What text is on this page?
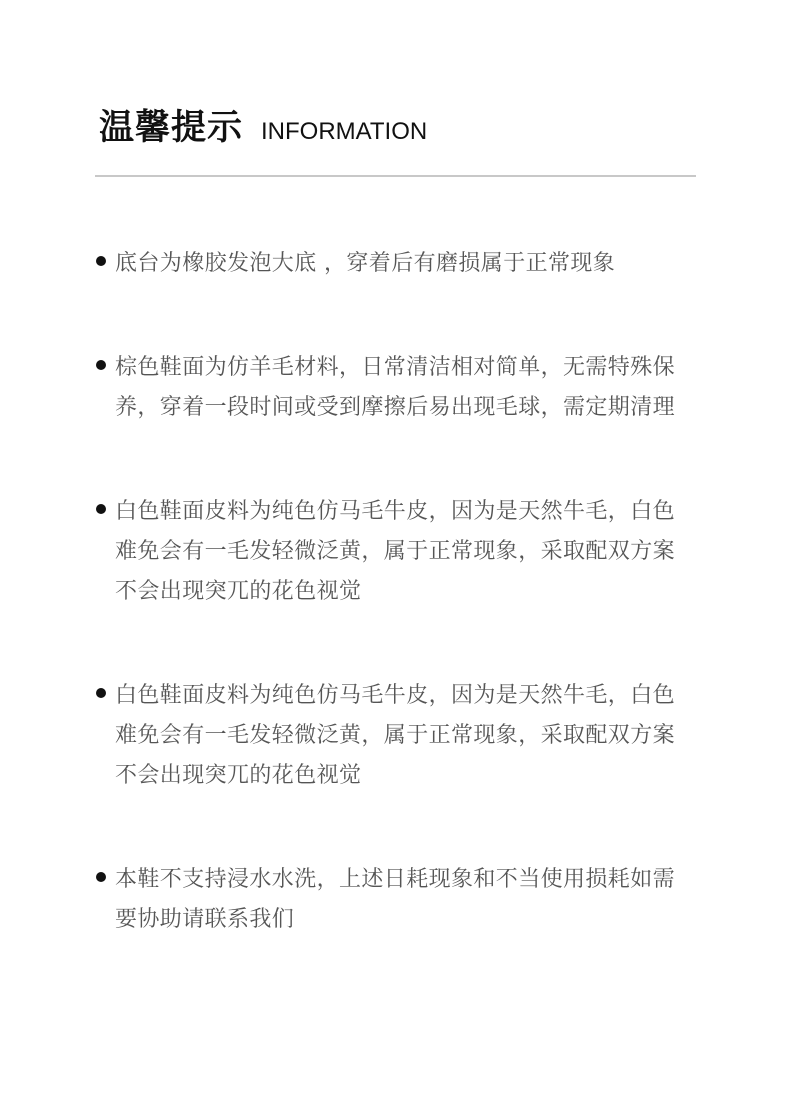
温馨提示 INFORMATION
底台为橡胶发泡大底 ，穿着后有磨损属于正常现象
棕色鞋面为仿羊毛材料，日常清洁相对简单，无需特殊保养，穿着一段时间或受到摩擦后易出现毛球，需定期清理
白色鞋面皮料为纯色仿马毛牛皮，因为是天然牛毛，白色难免会有一毛发轻微泛黄，属于正常现象，采取配双方案不会出现突兀的花色视觉
白色鞋面皮料为纯色仿马毛牛皮，因为是天然牛毛，白色难免会有一毛发轻微泛黄，属于正常现象，采取配双方案不会出现突兀的花色视觉
本鞋不支持浸水水洗，上述日耗现象和不当使用损耗如需要协助请联系我们
